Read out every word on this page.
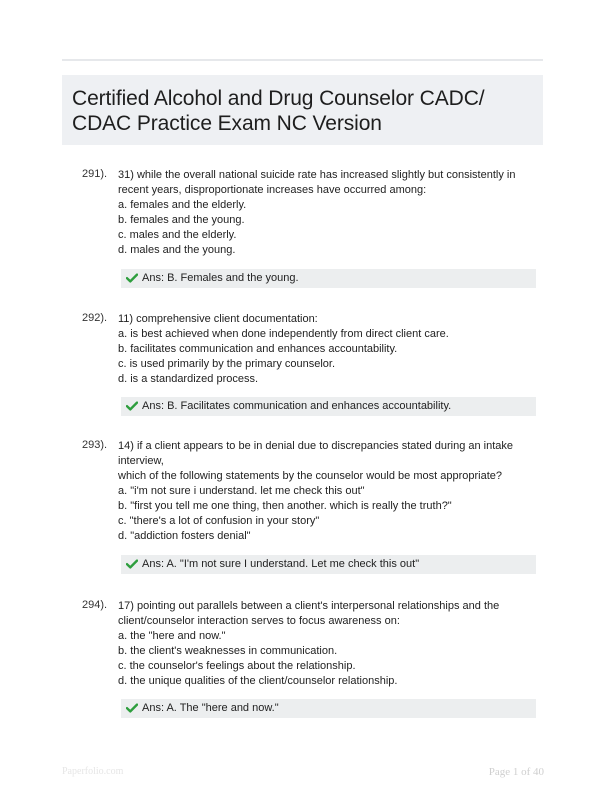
Certified Alcohol and Drug Counselor CADC/
CDAC Practice Exam NC Version
291). 31) while the overall national suicide rate has increased slightly but consistently in
recent years, disproportionate increases have occurred among:
a. females and the elderly.
b. females and the young.
c. males and the elderly.
d. males and the young.
Ans: B. Females and the young.
292). 11) comprehensive client documentation:
a. is best achieved when done independently from direct client care.
b. facilitates communication and enhances accountability.
c. is used primarily by the primary counselor.
d. is a standardized process.
Ans: B. Facilitates communication and enhances accountability.
293). 14) if a client appears to be in denial due to discrepancies stated during an intake
interview,
which of the following statements by the counselor would be most appropriate?
a. "i'm not sure i understand. let me check this out"
b. "first you tell me one thing, then another. which is really the truth?"
c. "there's a lot of confusion in your story"
d. "addiction fosters denial"
Ans: A. "I'm not sure I understand. Let me check this out"
294). 17) pointing out parallels between a client's interpersonal relationships and the
client/counselor interaction serves to focus awareness on:
a. the "here and now."
b. the client's weaknesses in communication.
c. the counselor's feelings about the relationship.
d. the unique qualities of the client/counselor relationship.
Ans: A. The "here and now."
Paperfolio.com	Page 1 of 40
